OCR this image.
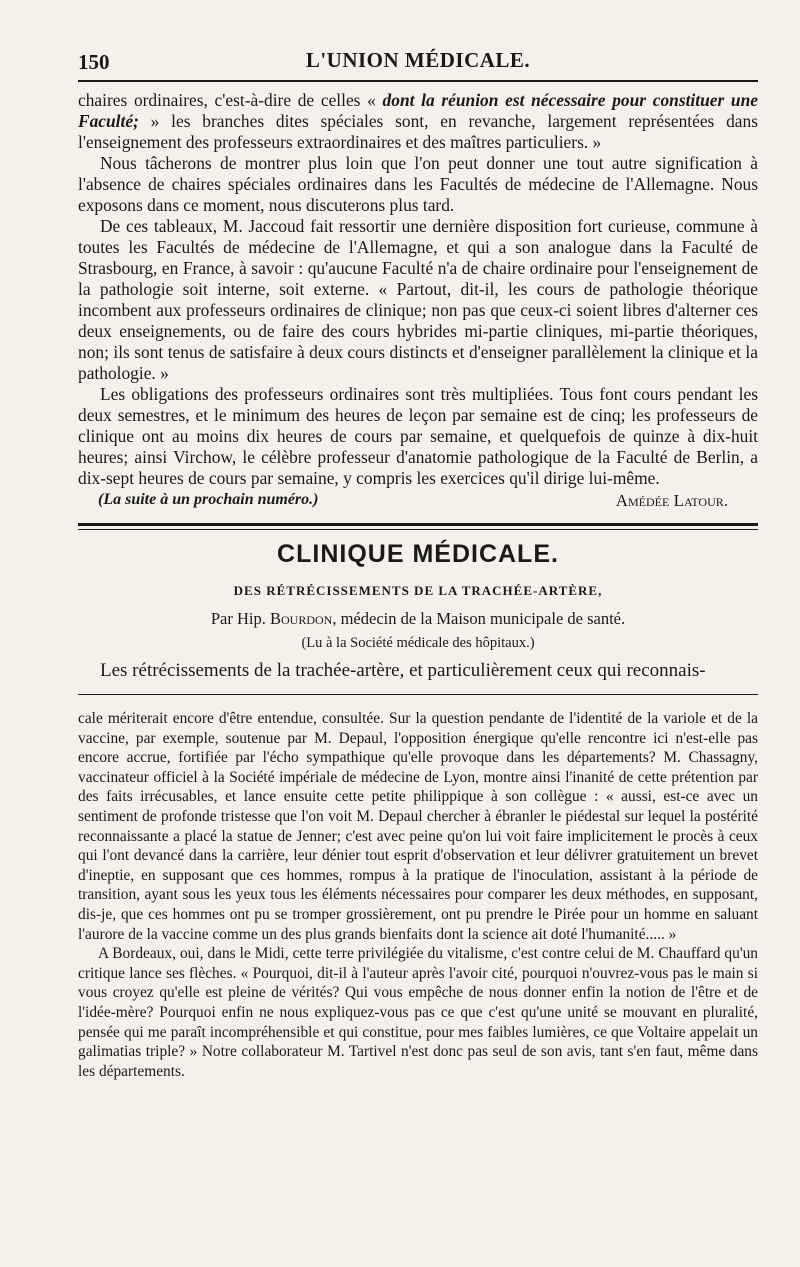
150	L'UNION MÉDICALE.

chaires ordinaires, c'est-à-dire de celles « dont la réunion est nécessaire pour constituer une Faculté; » les branches dites spéciales sont, en revanche, largement représentées dans l'enseignement des professeurs extraordinaires et des maîtres particuliers. »

Nous tâcherons de montrer plus loin que l'on peut donner une tout autre signification à l'absence de chaires spéciales ordinaires dans les Facultés de médecine de l'Allemagne. Nous exposons dans ce moment, nous discuterons plus tard.

De ces tableaux, M. Jaccoud fait ressortir une dernière disposition fort curieuse, commune à toutes les Facultés de médecine de l'Allemagne, et qui a son analogue dans la Faculté de Strasbourg, en France, à savoir : qu'aucune Faculté n'a de chaire ordinaire pour l'enseignement de la pathologie soit interne, soit externe. « Partout, dit-il, les cours de pathologie théorique incombent aux professeurs ordinaires de clinique; non pas que ceux-ci soient libres d'alterner ces deux enseignements, ou de faire des cours hybrides mi-partie cliniques, mi-partie théoriques, non; ils sont tenus de satisfaire à deux cours distincts et d'enseigner parallèlement la clinique et la pathologie. »

Les obligations des professeurs ordinaires sont très multipliées. Tous font cours pendant les deux semestres, et le minimum des heures de leçon par semaine est de cinq; les professeurs de clinique ont au moins dix heures de cours par semaine, et quelquefois de quinze à dix-huit heures; ainsi Virchow, le célèbre professeur d'anatomie pathologique de la Faculté de Berlin, a dix-sept heures de cours par semaine, y compris les exercices qu'il dirige lui-même.

(La suite à un prochain numéro.)	Amédée Latour.
CLINIQUE MÉDICALE.
DES RÉTRÉCISSEMENTS DE LA TRACHÉE-ARTÈRE,
Par Hip. Bourdon, médecin de la Maison municipale de santé.
(Lu à la Société médicale des hôpitaux.)
Les rétrécissements de la trachée-artère, et particulièrement ceux qui reconnais-

cale mériterait encore d'être entendue, consultée. Sur la question pendante de l'identité de la variole et de la vaccine, par exemple, soutenue par M. Depaul, l'opposition énergique qu'elle rencontre ici n'est-elle pas encore accrue, fortifiée par l'écho sympathique qu'elle provoque dans les départements? M. Chassagny, vaccinateur officiel à la Société impériale de médecine de Lyon, montre ainsi l'inanité de cette prétention par des faits irrécusables, et lance ensuite cette petite philippique à son collègue : « aussi, est-ce avec un sentiment de profonde tristesse que l'on voit M. Depaul chercher à ébranler le piédestal sur lequel la postérité reconnaissante a placé la statue de Jenner; c'est avec peine qu'on lui voit faire implicitement le procès à ceux qui l'ont devancé dans la carrière, leur dénier tout esprit d'observation et leur délivrer gratuitement un brevet d'ineptie, en supposant que ces hommes, rompus à la pratique de l'inoculation, assistant à la période de transition, ayant sous les yeux tous les éléments nécessaires pour comparer les deux méthodes, en supposant, dis-je, que ces hommes ont pu se tromper grossièrement, ont pu prendre le Pirée pour un homme en saluant l'aurore de la vaccine comme un des plus grands bienfaits dont la science ait doté l'humanité..... »

A Bordeaux, oui, dans le Midi, cette terre privilégiée du vitalisme, c'est contre celui de M. Chauffard qu'un critique lance ses flèches. « Pourquoi, dit-il à l'auteur après l'avoir cité, pourquoi n'ouvrez-vous pas le main si vous croyez qu'elle est pleine de vérités? Qui vous empêche de nous donner enfin la notion de l'être et de l'idée-mère? Pourquoi enfin ne nous expliquez-vous pas ce que c'est qu'une unité se mouvant en pluralité, pensée qui me paraît incompréhensible et qui constitue, pour mes faibles lumières, ce que Voltaire appelait un galimatias triple? » Notre collaborateur M. Tartivel n'est donc pas seul de son avis, tant s'en faut, même dans les départements.
